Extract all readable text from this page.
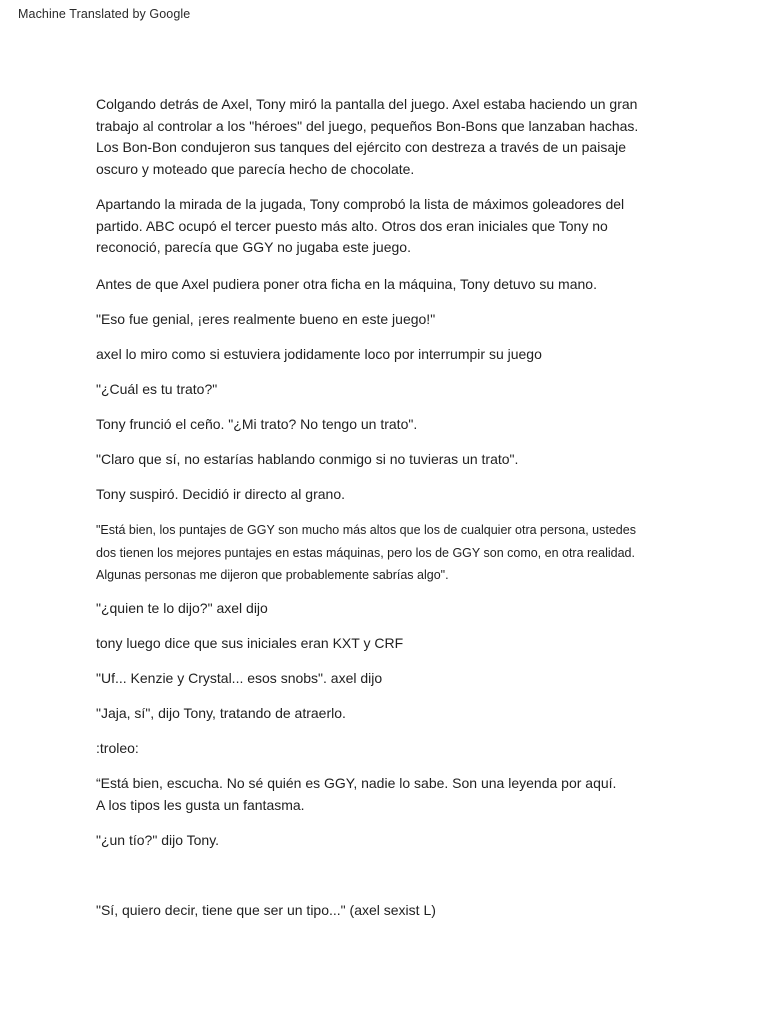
Machine Translated by Google
Colgando detrás de Axel, Tony miró la pantalla del juego. Axel estaba haciendo un gran
trabajo al controlar a los "héroes" del juego, pequeños Bon-Bons que lanzaban hachas.
Los Bon-Bon condujeron sus tanques del ejército con destreza a través de un paisaje
oscuro y moteado que parecía hecho de chocolate.
Apartando la mirada de la jugada, Tony comprobó la lista de máximos goleadores del
partido. ABC ocupó el tercer puesto más alto. Otros dos eran iniciales que Tony no
reconoció, parecía que GGY no jugaba este juego.
Antes de que Axel pudiera poner otra ficha en la máquina, Tony detuvo su mano.
"Eso fue genial, ¡eres realmente bueno en este juego!"
axel lo miro como si estuviera jodidamente loco por interrumpir su juego
"¿Cuál es tu trato?"
Tony frunció el ceño. "¿Mi trato? No tengo un trato".
"Claro que sí, no estarías hablando conmigo si no tuvieras un trato".
Tony suspiró. Decidió ir directo al grano.
"Está bien, los puntajes de GGY son mucho más altos que los de cualquier otra persona, ustedes
dos tienen los mejores puntajes en estas máquinas, pero los de GGY son como, en otra realidad.
Algunas personas me dijeron que probablemente sabrías algo".
"¿quien te lo dijo?" axel dijo
tony luego dice que sus iniciales eran KXT y CRF
"Uf... Kenzie y Crystal... esos snobs". axel dijo
"Jaja, sí", dijo Tony, tratando de atraerlo.
:troleo:
“Está bien, escucha. No sé quién es GGY, nadie lo sabe. Son una leyenda por aquí.
A los tipos les gusta un fantasma.
"¿un tío?" dijo Tony.
"Sí, quiero decir, tiene que ser un tipo..." (axel sexist L)
